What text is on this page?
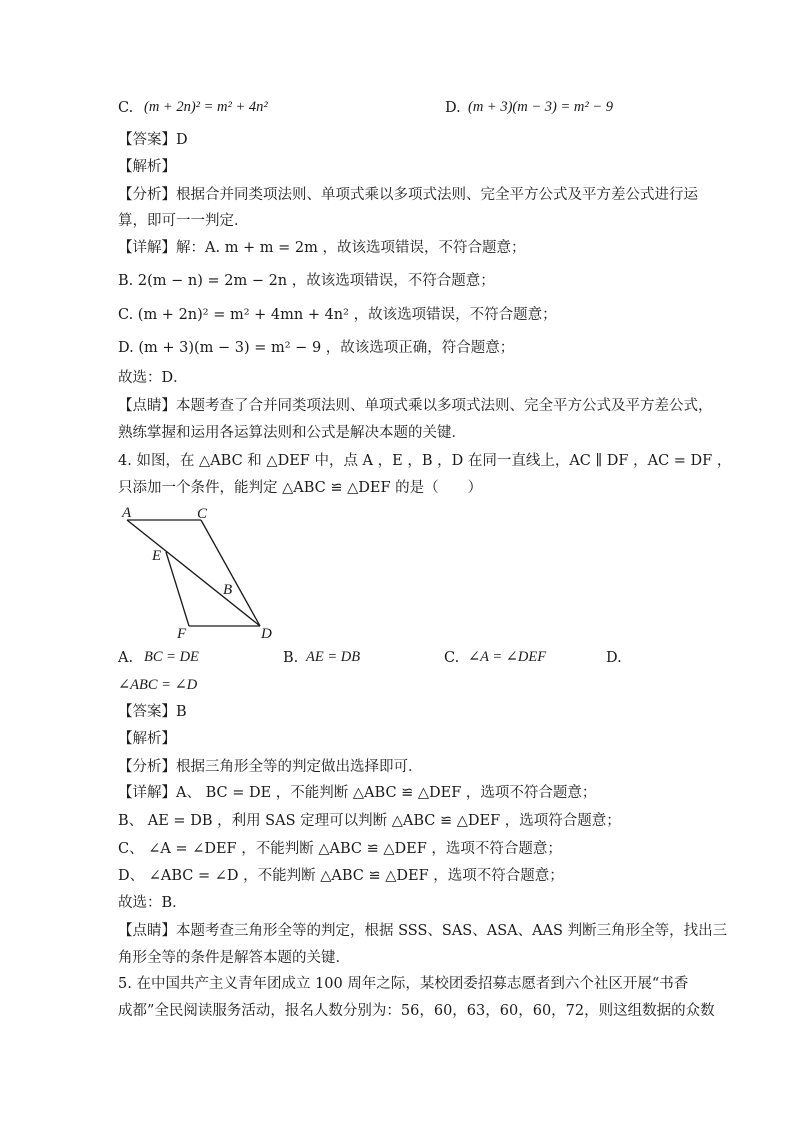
C. (m + 2n)² = m² + 4n²	D. (m + 3)(m − 3) = m² − 9
【答案】D
【解析】
【分析】根据合并同类项法则、单项式乘以多项式法则、完全平方公式及平方差公式进行运
算，即可一一判定．
【详解】解：A. m + m = 2m ，故该选项错误，不符合题意；
B. 2(m − n) = 2m − 2n ，故该选项错误，不符合题意；
C. (m + 2n)² = m² + 4mn + 4n² ，故该选项错误，不符合题意；
D. (m + 3)(m − 3) = m² − 9 ，故该选项正确，符合题意；
故选：D．
【点睛】本题考查了合并同类项法则、单项式乘以多项式法则、完全平方公式及平方差公式，
熟练掌握和运用各运算法则和公式是解决本题的关键．
4. 如图，在 △ABC 和 △DEF 中，点 A ，E ，B ，D 在同一直线上，AC ∥ DF ，AC = DF ，
只添加一个条件，能判定 △ABC ≌ △DEF 的是（　　）
A	C
E
B
F	D
A. BC = DE	B. AE = DB	C. ∠A = ∠DEF	D.
∠ABC = ∠D
【答案】B
【解析】
【分析】根据三角形全等的判定做出选择即可．
【详解】A、 BC = DE ，不能判断 △ABC ≌ △DEF ，选项不符合题意；
B、 AE = DB ，利用 SAS 定理可以判断 △ABC ≌ △DEF ，选项符合题意；
C、 ∠A = ∠DEF ，不能判断 △ABC ≌ △DEF ，选项不符合题意；
D、 ∠ABC = ∠D ，不能判断 △ABC ≌ △DEF ，选项不符合题意；
故选：B．
【点睛】本题考查三角形全等的判定，根据 SSS、SAS、ASA、AAS 判断三角形全等，找出三
角形全等的条件是解答本题的关键．
5. 在中国共产主义青年团成立 100 周年之际，某校团委招募志愿者到六个社区开展“书香
成都”全民阅读服务活动，报名人数分别为：56，60，63，60，60，72，则这组数据的众数
